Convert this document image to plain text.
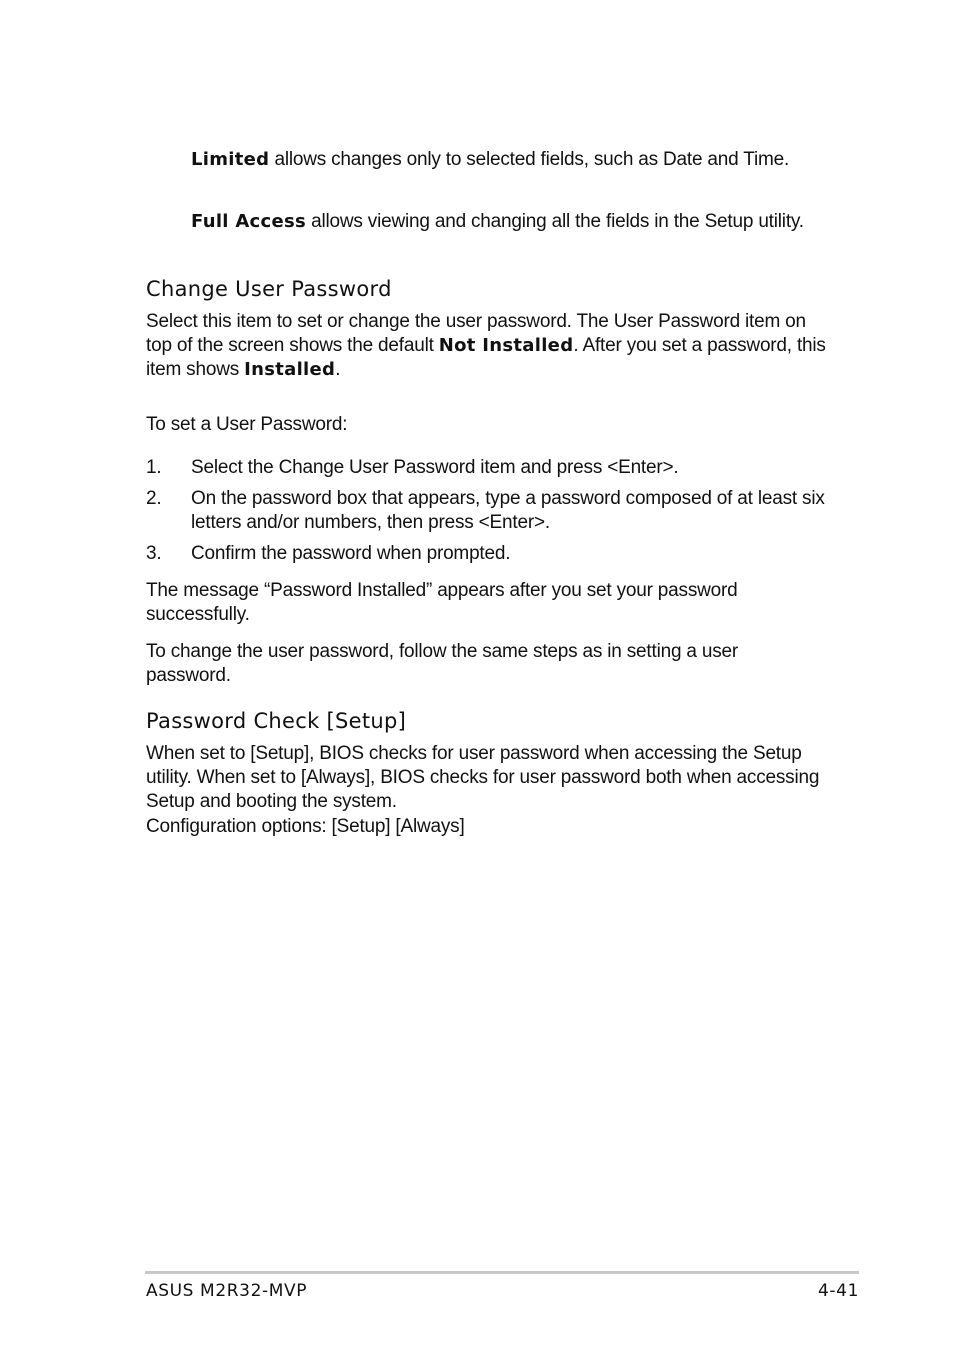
Limited allows changes only to selected fields, such as Date and Time.
Full Access allows viewing and changing all the fields in the Setup utility.
Change User Password
Select this item to set or change the user password. The User Password item on top of the screen shows the default Not Installed. After you set a password, this item shows Installed.
To set a User Password:
1. Select the Change User Password item and press <Enter>.
2. On the password box that appears, type a password composed of at least six letters and/or numbers, then press <Enter>.
3. Confirm the password when prompted.
The message “Password Installed” appears after you set your password successfully.
To change the user password, follow the same steps as in setting a user password.
Password Check [Setup]
When set to [Setup], BIOS checks for user password when accessing the Setup utility. When set to [Always], BIOS checks for user password both when accessing Setup and booting the system.
Configuration options: [Setup] [Always]
ASUS M2R32-MVP	4-41
